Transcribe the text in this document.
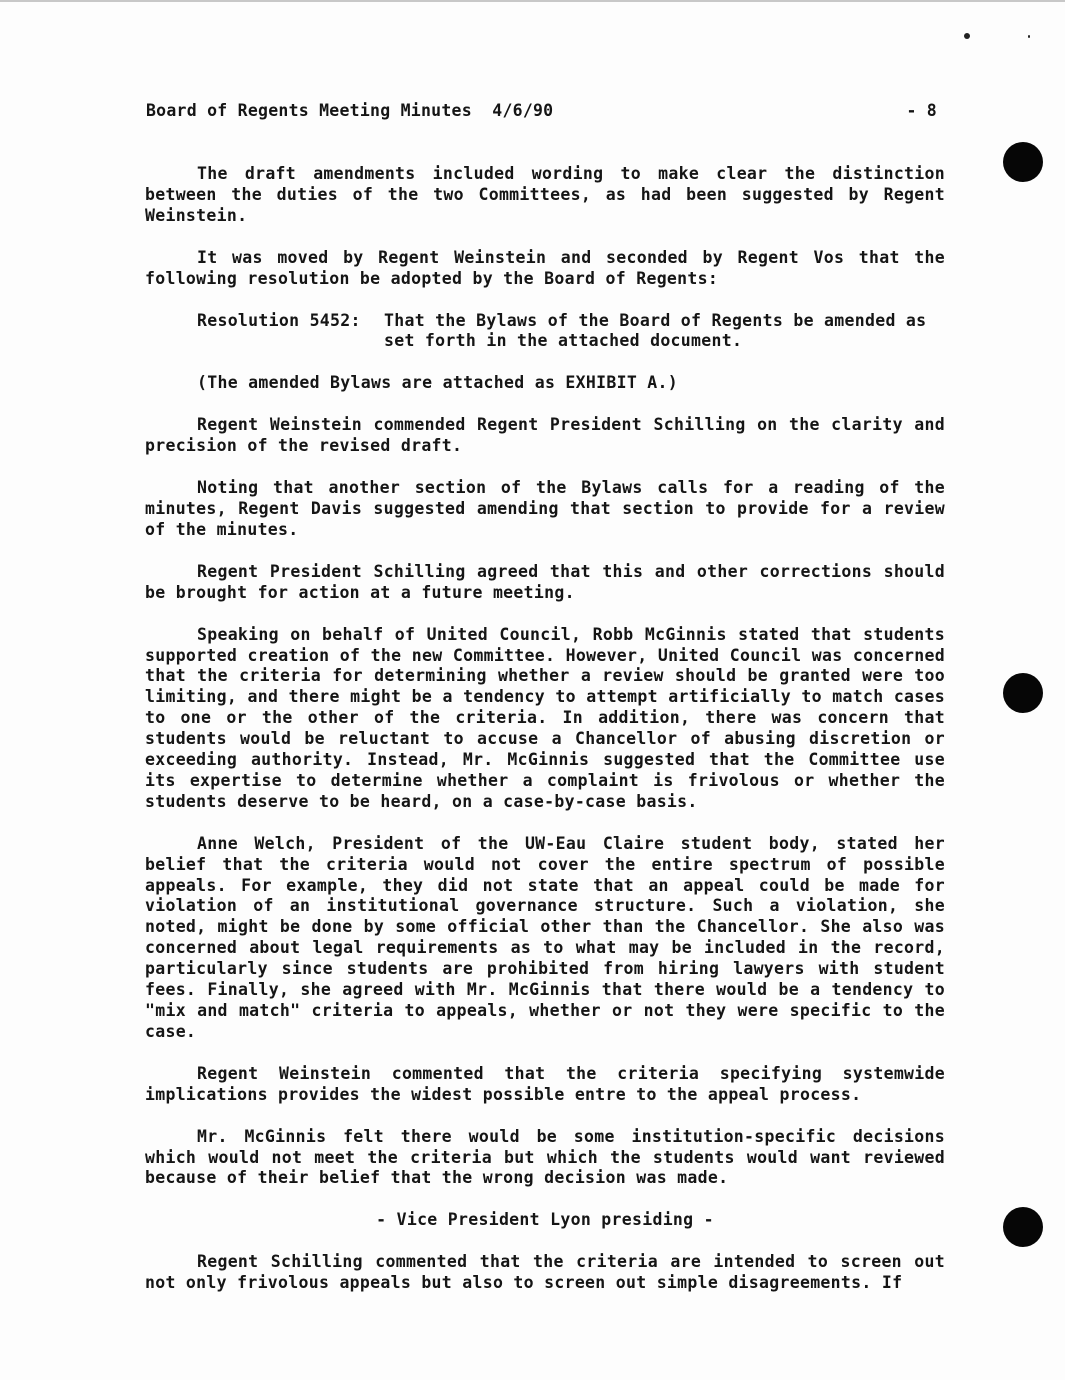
Board of Regents Meeting Minutes 4/6/90	- 8

The draft amendments included wording to make clear the distinction between the duties of the two Committees, as had been suggested by Regent Weinstein.

It was moved by Regent Weinstein and seconded by Regent Vos that the following resolution be adopted by the Board of Regents:

Resolution 5452:	That the Bylaws of the Board of Regents be amended as set forth in the attached document.

(The amended Bylaws are attached as EXHIBIT A.)

Regent Weinstein commended Regent President Schilling on the clarity and precision of the revised draft.

Noting that another section of the Bylaws calls for a reading of the minutes, Regent Davis suggested amending that section to provide for a review of the minutes.

Regent President Schilling agreed that this and other corrections should be brought for action at a future meeting.

Speaking on behalf of United Council, Robb McGinnis stated that students supported creation of the new Committee. However, United Council was concerned that the criteria for determining whether a review should be granted were too limiting, and there might be a tendency to attempt artificially to match cases to one or the other of the criteria. In addition, there was concern that students would be reluctant to accuse a Chancellor of abusing discretion or exceeding authority. Instead, Mr. McGinnis suggested that the Committee use its expertise to determine whether a complaint is frivolous or whether the students deserve to be heard, on a case-by-case basis.

Anne Welch, President of the UW-Eau Claire student body, stated her belief that the criteria would not cover the entire spectrum of possible appeals. For example, they did not state that an appeal could be made for violation of an institutional governance structure. Such a violation, she noted, might be done by some official other than the Chancellor. She also was concerned about legal requirements as to what may be included in the record, particularly since students are prohibited from hiring lawyers with student fees. Finally, she agreed with Mr. McGinnis that there would be a tendency to "mix and match" criteria to appeals, whether or not they were specific to the case.

Regent Weinstein commented that the criteria specifying systemwide implications provides the widest possible entre to the appeal process.

Mr. McGinnis felt there would be some institution-specific decisions which would not meet the criteria but which the students would want reviewed because of their belief that the wrong decision was made.

- Vice President Lyon presiding -

Regent Schilling commented that the criteria are intended to screen out not only frivolous appeals but also to screen out simple disagreements. If
